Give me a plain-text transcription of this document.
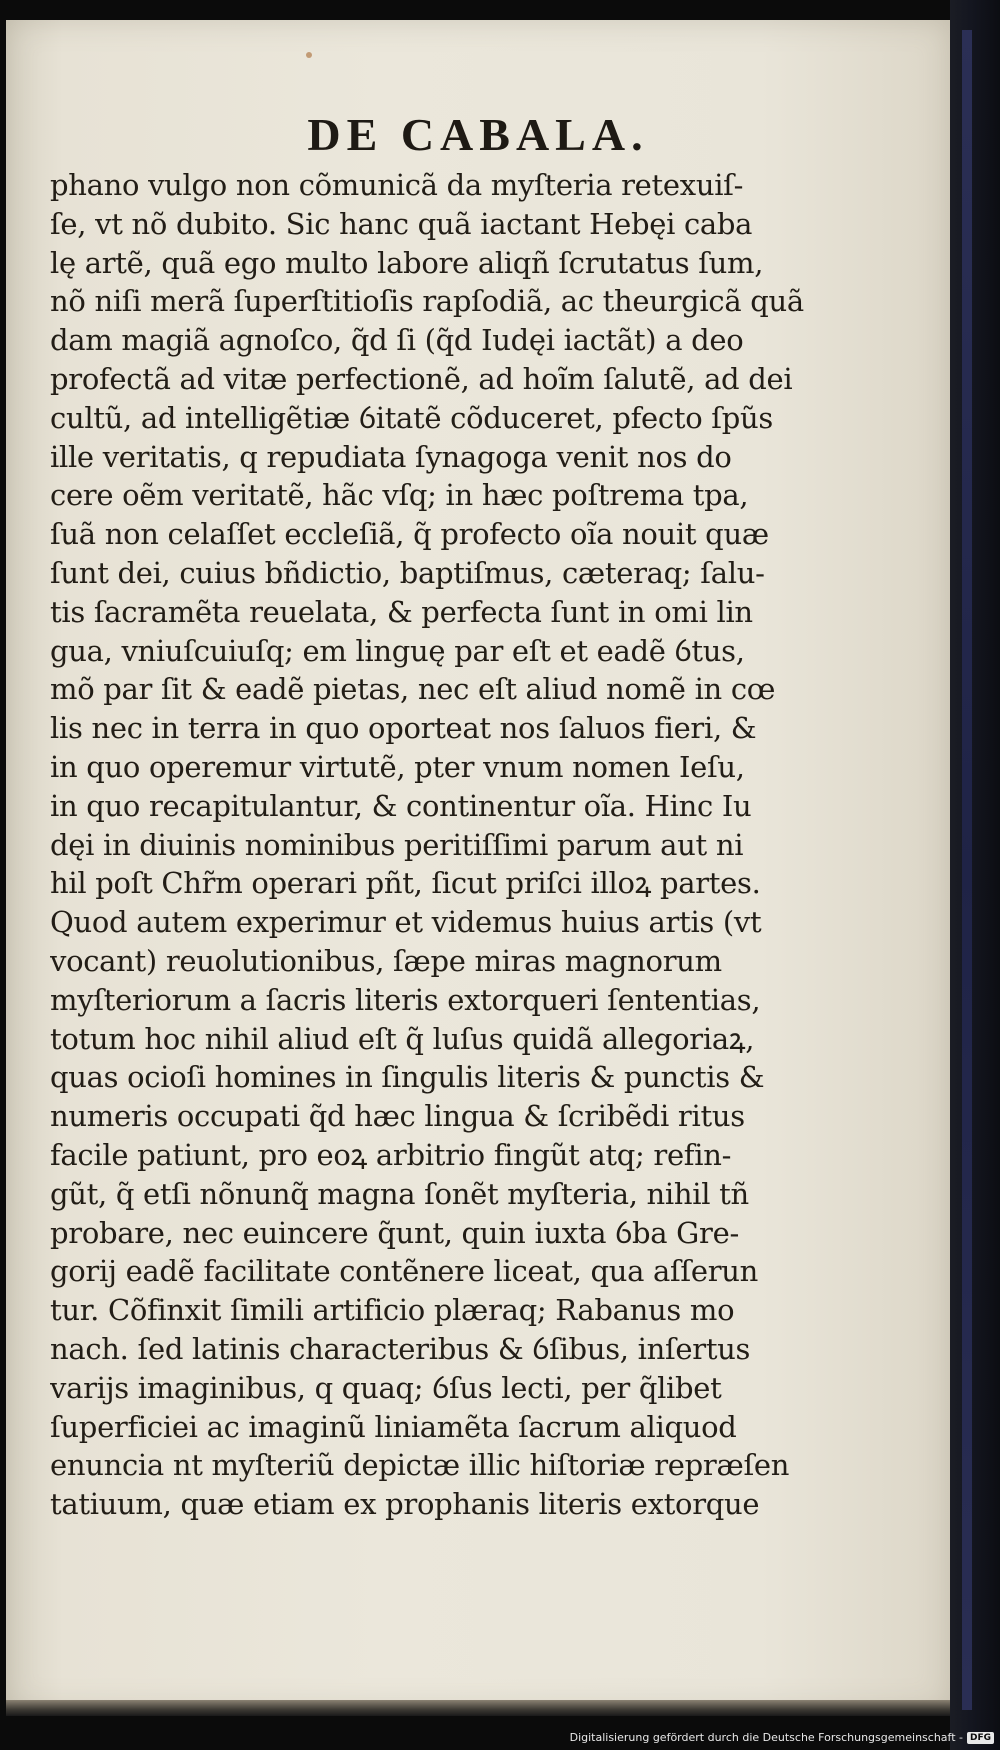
DE CABALA.
phano vulgo non cõmunicã da myſteria retexuiſ-
ſe, vt nõ dubito. Sic hanc quã iactant Hebęi caba
lę artẽ, quã ego multo labore aliqñ ſcrutatus ſum,
nõ niſi merã ſuperſtitioſis rapſodiã, ac theurgicã quã
dam magiã agnoſco, q̃d ſi (q̃d Iudęi iactãt) a deo
profectã ad vitæ perfectionẽ, ad hoĩm ſalutẽ, ad dei
cultũ, ad intelligẽtiæ ỽitatẽ cõduceret, pfecto ſpũs
ille veritatis, q repudiata ſynagoga venit nos do
cere oẽm veritatẽ, hãc vſq; in hæc poſtrema tpa,
ſuã non celaſſet eccleſiã, q̃ profecto oĩa nouit quæ
ſunt dei, cuius bñdictio, baptiſmus, cæteraq; ſalu-
tis ſacramẽta reuelata, & perfecta ſunt in omi lin
gua, vniuſcuiuſq; em linguę par eſt et eadẽ ỽtus,
mõ par ſit & eadẽ pietas, nec eſt aliud nomẽ in cœ
lis nec in terra in quo oporteat nos ſaluos fieri, &
in quo operemur virtutẽ, pter vnum nomen Ieſu,
in quo recapitulantur, & continentur oĩa. Hinc Iu
dęi in diuinis nominibus peritiſſimi parum aut ni
hil poſt Chr̃m operari pñt, ſicut priſci illoꝝ partes.
Quod autem experimur et videmus huius artis (vt
vocant) reuolutionibus, ſæpe miras magnorum
myſteriorum a ſacris literis extorqueri ſententias,
totum hoc nihil aliud eſt q̃ luſus quidã allegoriaꝝ,
quas ocioſi homines in ſingulis literis & punctis &
numeris occupati q̃d hæc lingua & ſcribẽdi ritus
facile patiunt, pro eoꝝ arbitrio fingũt atq; refin-
gũt, q̃ etſi nõnunq̃ magna ſonẽt myſteria, nihil tñ
probare, nec euincere q̃unt, quin iuxta ỽba Gre-
gorij eadẽ facilitate contẽnere liceat, qua aſſerun
tur. Cõfinxit ſimili artificio plæraq; Rabanus mo
nach. ſed latinis characteribus & ỽſibus, inſertus
varijs imaginibus, q quaq; ỽſus lecti, per q̃libet
ſuperficiei ac imaginũ liniamẽta ſacrum aliquod
enuncia nt myſteriũ depictæ illic hiſtoriæ repræſen
tatiuum, quæ etiam ex prophanis literis extorque
Digitalisierung gefördert durch die Deutsche Forschungsgemeinschaft - DFG
